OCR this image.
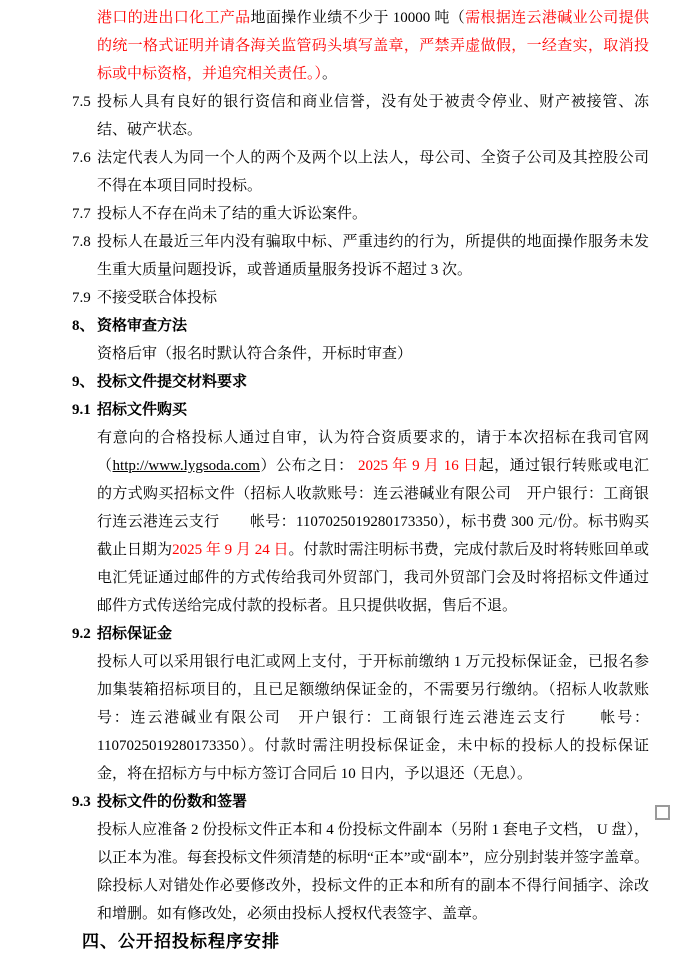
港口的进出口化工产品地面操作业绩不少于 10000 吨（需根据连云港碱业公司提供的统一格式证明并请各海关监管码头填写盖章，严禁弄虚做假，一经查实，取消投标或中标资格，并追究相关责任。）。

7.5 投标人具有良好的银行资信和商业信誉，没有处于被责令停业、财产被接管、冻结、破产状态。
7.6 法定代表人为同一个人的两个及两个以上法人，母公司、全资子公司及其控股公司不得在本项目同时投标。
7.7 投标人不存在尚未了结的重大诉讼案件。
7.8 投标人在最近三年内没有骗取中标、严重违约的行为，所提供的地面操作服务未发生重大质量问题投诉，或普通质量服务投诉不超过 3 次。
7.9 不接受联合体投标
8、 资格审查方法

资格后审（报名时默认符合条件，开标时审查）

9、 投标文件提交材料要求
9.1 招标文件购买

有意向的合格投标人通过自审，认为符合资质要求的，请于本次招标在我司官网（http://www.lygsoda.com）公布之日： 2025 年 9 月 16 日起，通过银行转账或电汇的方式购买招标文件（招标人收款账号：连云港碱业有限公司　开户银行：工商银行连云港连云支行　　帐号：1107025019280173350），标书费 300 元/份。标书购买截止日期为2025 年 9 月 24 日。付款时需注明标书费，完成付款后及时将转账回单或电汇凭证通过邮件的方式传给我司外贸部门，我司外贸部门会及时将招标文件通过邮件方式传送给完成付款的投标者。且只提供收据，售后不退。

9.2 招标保证金

投标人可以采用银行电汇或网上支付，于开标前缴纳 1 万元投标保证金，已报名参加集装箱招标项目的，且已足额缴纳保证金的，不需要另行缴纳。（招标人收款账号：连云港碱业有限公司　开户银行：工商银行连云港连云支行　　帐号：1107025019280173350）。付款时需注明投标保证金，未中标的投标人的投标保证金，将在招标方与中标方签订合同后 10 日内，予以退还（无息）。

9.3 投标文件的份数和签署

投标人应准备 2 份投标文件正本和 4 份投标文件副本（另附 1 套电子文档， U 盘），以正本为准。每套投标文件须清楚的标明“正本”或“副本”，应分别封装并签字盖章。除投标人对错处作必要修改外，投标文件的正本和所有的副本不得行间插字、涂改和增删。如有修改处，必须由投标人授权代表签字、盖章。

四、公开招投标程序安排
